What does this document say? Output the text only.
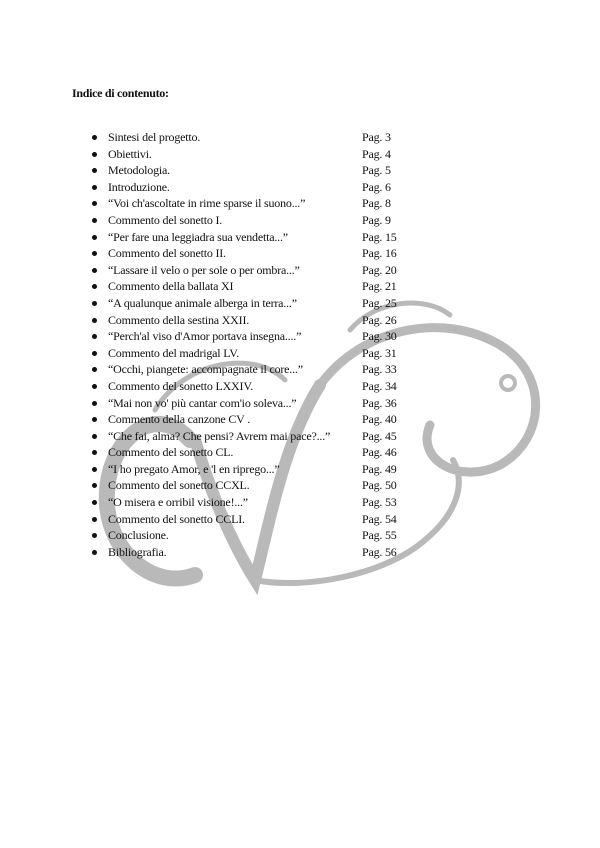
Indice di contenuto:
Sintesi del progetto.	Pag. 3
Obiettivi.	Pag. 4
Metodologia.	Pag. 5
Introduzione.	Pag. 6
“Voi ch'ascoltate in rime sparse il suono...”	Pag. 8
Commento del sonetto I.	Pag. 9
“Per fare una leggiadra sua vendetta...”	Pag. 15
Commento del sonetto II.	Pag. 16
“Lassare il velo o per sole o per ombra...”	Pag. 20
Commento della ballata XI	Pag. 21
“A qualunque animale alberga in terra...”	Pag. 25
Commento della sestina XXII.	Pag. 26
“Perch'al viso d'Amor portava insegna....”	Pag. 30
Commento del madrigal LV.	Pag. 31
“Occhi, piangete: accompagnate il core...”	Pag. 33
Commento del sonetto LXXIV.	Pag. 34
“Mai non vo' più cantar com'io soleva...”	Pag. 36
Commento della canzone CV .	Pag. 40
“Che fai, alma? Che pensi? Avrem mai pace?...”	Pag. 45
Commento del sonetto CL.	Pag. 46
“I ho pregato Amor, e 'l en riprego...”	Pag. 49
Commento del sonetto CCXL.	Pag. 50
“O misera e orribil visione!...”	Pag. 53
Commento del sonetto CCLI.	Pag. 54
Conclusione.	Pag. 55
Bibliografia.	Pag. 56
